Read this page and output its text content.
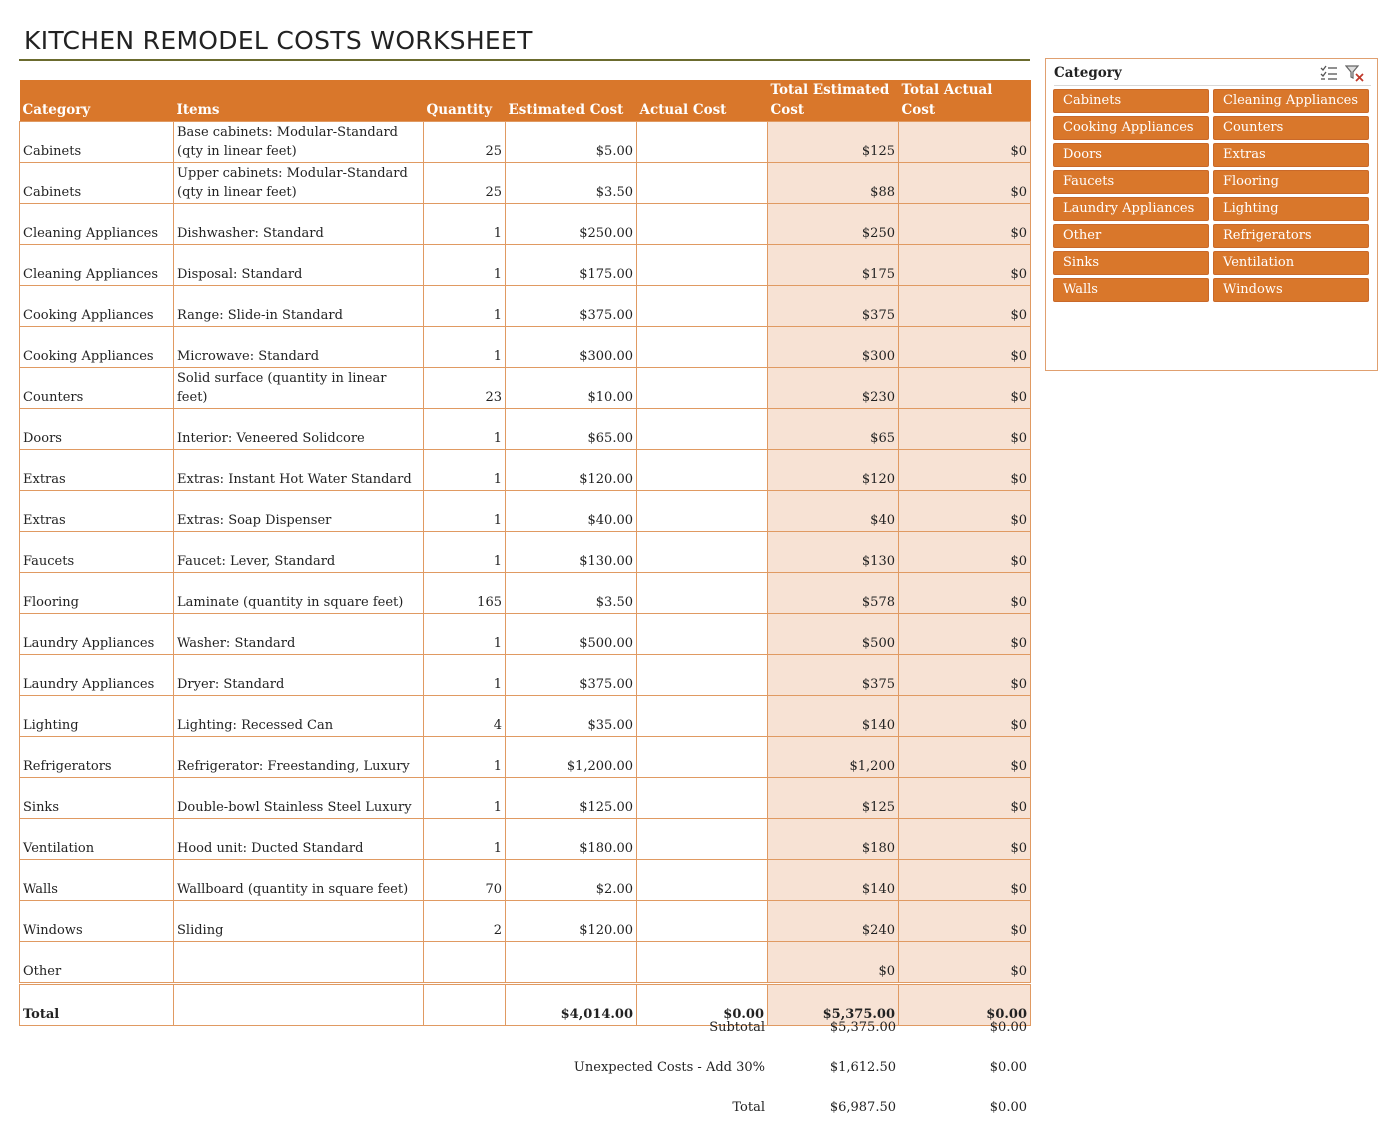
KITCHEN REMODEL COSTS WORKSHEET
Category	Items	Quantity	Estimated Cost	Actual Cost	Total Estimated Cost	Total Actual Cost
Cabinets	Base cabinets: Modular-Standard (qty in linear feet)	25	$5.00		$125	$0
Cabinets	Upper cabinets: Modular-Standard (qty in linear feet)	25	$3.50		$88	$0
Cleaning Appliances	Dishwasher: Standard	1	$250.00		$250	$0
Cleaning Appliances	Disposal: Standard	1	$175.00		$175	$0
Cooking Appliances	Range: Slide-in Standard	1	$375.00		$375	$0
Cooking Appliances	Microwave: Standard	1	$300.00		$300	$0
Counters	Solid surface (quantity in linear feet)	23	$10.00		$230	$0
Doors	Interior: Veneered Solidcore	1	$65.00		$65	$0
Extras	Extras: Instant Hot Water Standard	1	$120.00		$120	$0
Extras	Extras: Soap Dispenser	1	$40.00		$40	$0
Faucets	Faucet: Lever, Standard	1	$130.00		$130	$0
Flooring	Laminate (quantity in square feet)	165	$3.50		$578	$0
Laundry Appliances	Washer: Standard	1	$500.00		$500	$0
Laundry Appliances	Dryer: Standard	1	$375.00		$375	$0
Lighting	Lighting: Recessed Can	4	$35.00		$140	$0
Refrigerators	Refrigerator: Freestanding, Luxury	1	$1,200.00		$1,200	$0
Sinks	Double-bowl Stainless Steel Luxury	1	$125.00		$125	$0
Ventilation	Hood unit: Ducted Standard	1	$180.00		$180	$0
Walls	Wallboard (quantity in square feet)	70	$2.00		$140	$0
Windows	Sliding	2	$120.00		$240	$0
Other					$0	$0
Total			$4,014.00	$0.00	$5,375.00	$0.00
Subtotal	$5,375.00	$0.00
Unexpected Costs - Add 30%	$1,612.50	$0.00
Total	$6,987.50	$0.00
Category
Cabinets	Cleaning Appliances
Cooking Appliances	Counters
Doors	Extras
Faucets	Flooring
Laundry Appliances	Lighting
Other	Refrigerators
Sinks	Ventilation
Walls	Windows
